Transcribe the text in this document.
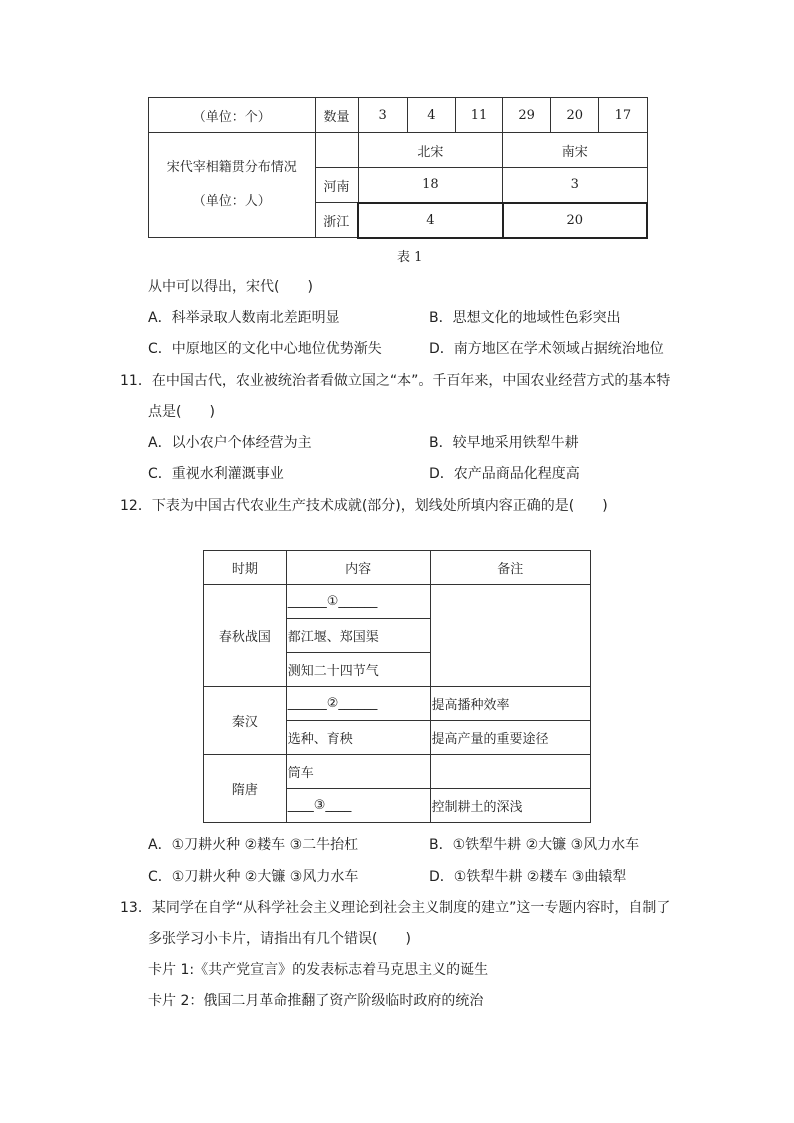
（单位：个）	数量	3	4	11	29	20	17

宋代宰相籍贯分布情况
（单位：人）		北宋			南宋		
	河南	18			3		
	浙江	4			20		
表 1
从中可以得出，宋代(　　)
A．科举录取人数南北差距明显	B．思想文化的地域性色彩突出
C．中原地区的文化中心地位优势渐失	D．南方地区在学术领域占据统治地位
11．在中国古代，农业被统治者看做立国之“本”。千百年来，中国农业经营方式的基本特
点是(　　)
A．以小农户个体经营为主	B．较早地采用铁犁牛耕
C．重视水利灌溉事业	D．农产品商品化程度高
12．下表为中国古代农业生产技术成就(部分)，划线处所填内容正确的是(　　)
时期	内容	备注
春秋战国	______①______	
	都江堰、郑国渠	
	测知二十四节气	
秦汉	______②______	提高播种效率
	选种、育秧	提高产量的重要途径
隋唐	筒车	
	____③____	控制耕土的深浅
A．①刀耕火种 ②耧车 ③二牛抬杠	B．①铁犁牛耕 ②大镰 ③风力水车
C．①刀耕火种 ②大镰 ③风力水车	D．①铁犁牛耕 ②耧车 ③曲辕犁
13．某同学在自学“从科学社会主义理论到社会主义制度的建立”这一专题内容时，自制了
多张学习小卡片，请指出有几个错误(　　)
卡片 1:《共产党宣言》的发表标志着马克思主义的诞生
卡片 2：俄国二月革命推翻了资产阶级临时政府的统治
